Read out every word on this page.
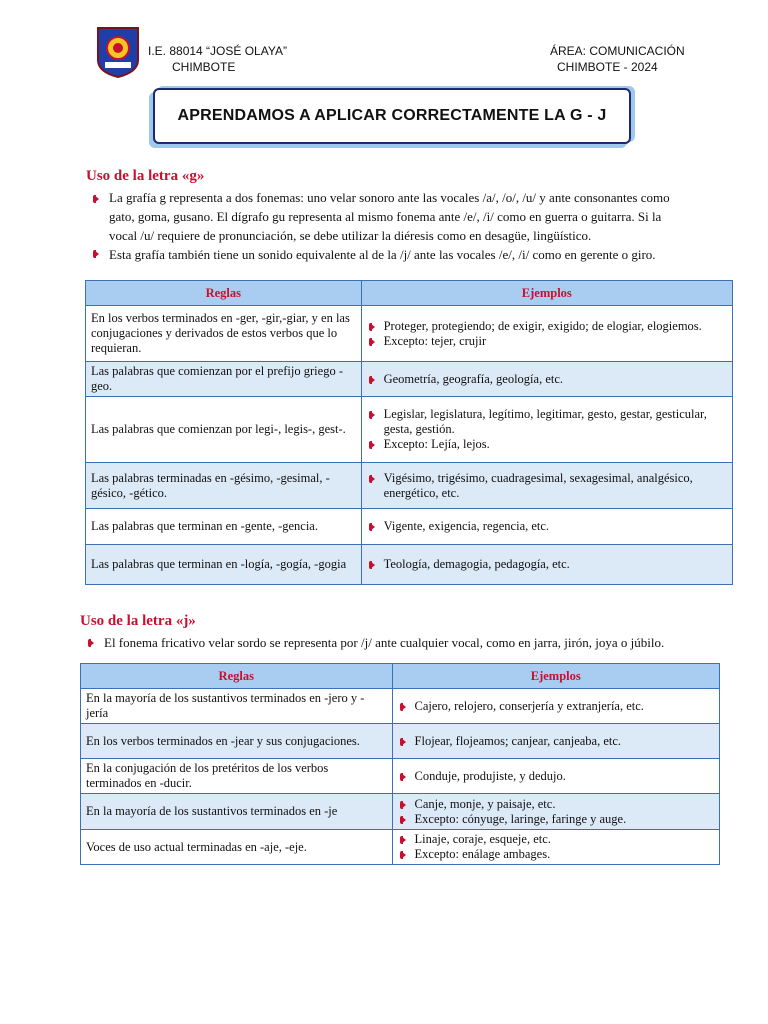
I.E. 88014 “JOSÉ OLAYA”
CHIMBOTE
ÁREA: COMUNICACIÓN
CHIMBOTE - 2024
APRENDAMOS A APLICAR CORRECTAMENTE LA G - J
Uso de la letra «g»
La grafía g representa a dos fonemas: uno velar sonoro ante las vocales /a/, /o/, /u/ y ante consonantes como
gato, goma, gusano. El dígrafo gu representa al mismo fonema ante /e/, /i/ como en guerra o guitarra. Si la
vocal /u/ requiere de pronunciación, se debe utilizar la diéresis como en desagüe, lingüístico.
Esta grafía también tiene un sonido equivalente al de la /j/ ante las vocales /e/, /i/ como en gerente o giro.
Reglas	Ejemplos
En los verbos terminados en -ger, -gir,-giar, y en las conjugaciones y derivados de estos verbos que lo requieran.	Proteger, protegiendo; de exigir, exigido; de elogiar, elogiemos.
Excepto: tejer, crujir

Las palabras que comienzan por el prefijo griego -geo.	Geometría, geografía, geología, etc.

Las palabras que comienzan por legi-, legis-, gest-.	Legislar, legislatura, legítimo, legitimar, gesto, gestar, gesticular, gesta, gestión.
Excepto: Lejía, lejos.

Las palabras terminadas en -gésimo, -gesimal, -gésico, -gético.	Vigésimo, trigésimo, cuadragesimal, sexagesimal, analgésico, energético, etc.

Las palabras que terminan en -gente, -gencia.	Vigente, exigencia, regencia, etc.

Las palabras que terminan en -logía, -gogía, -gogia	Teología, demagogia, pedagogía, etc.
Uso de la letra «j»
El fonema fricativo velar sordo se representa por /j/ ante cualquier vocal, como en jarra, jirón, joya o júbilo.
Reglas	Ejemplos
En la mayoría de los sustantivos terminados en -jero y -jería	Cajero, relojero, conserjería y extranjería, etc.

En los verbos terminados en -jear y sus conjugaciones.	Flojear, flojeamos; canjear, canjeaba, etc.

En la conjugación de los pretéritos de los verbos terminados en -ducir.	Conduje, produjiste, y dedujo.

En la mayoría de los sustantivos terminados en -je	Canje, monje, y paisaje, etc.
Excepto: cónyuge, laringe, faringe y auge.

Voces de uso actual terminadas en -aje, -eje.	Linaje, coraje, esqueje, etc.
Excepto: enálage ambages.
